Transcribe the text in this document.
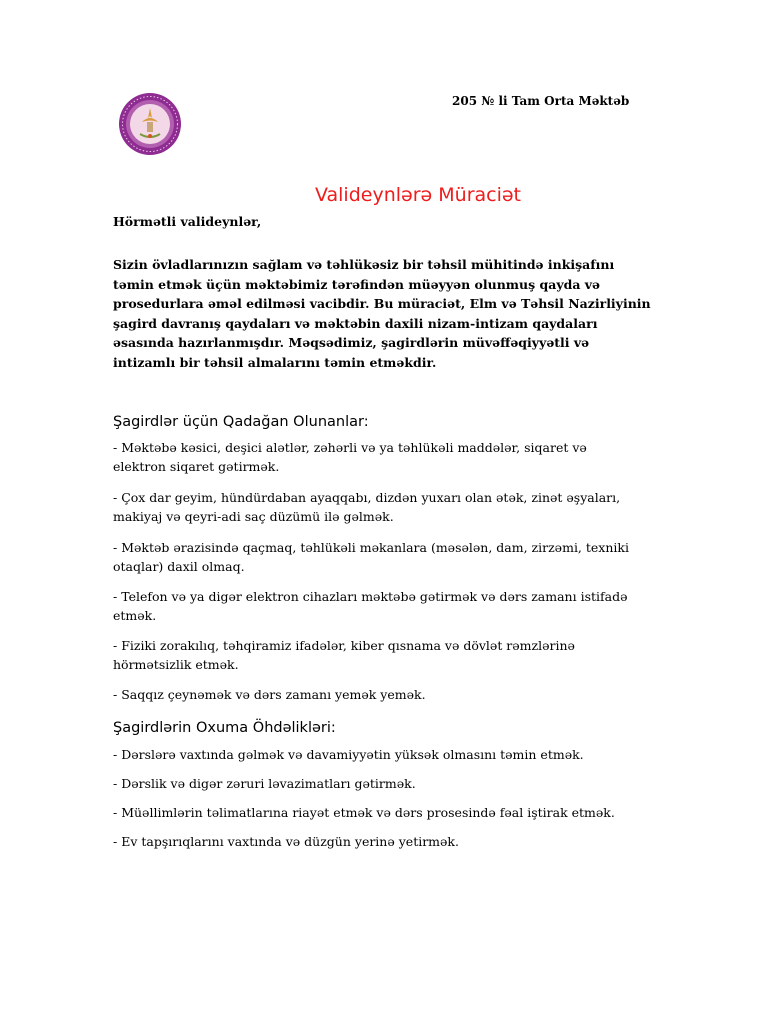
205 № li Tam Orta Məktəb
Valideynlərə Müraciət
Hörmətli valideynlər,
Sizin övladlarınızın sağlam və təhlükəsiz bir təhsil mühitində inkişafını
təmin etmək üçün məktəbimiz tərəfindən müəyyən olunmuş qayda və
prosedurlara əməl edilməsi vacibdir. Bu müraciət, Elm və Təhsil Nazirliyinin
şagird davranış qaydaları və məktəbin daxili nizam-intizam qaydaları
əsasında hazırlanmışdır. Məqsədimiz, şagirdlərin müvəffəqiyyətli və
intizamlı bir təhsil almalarını təmin etməkdir.
Şagirdlər üçün Qadağan Olunanlar:
- Məktəbə kəsici, deşici alətlər, zəhərli və ya təhlükəli maddələr, siqaret və
elektron siqaret gətirmək.
- Çox dar geyim, hündürdaban ayaqqabı, dizdən yuxarı olan ətək, zinət əşyaları,
makiyaj və qeyri-adi saç düzümü ilə gəlmək.
- Məktəb ərazisində qaçmaq, təhlükəli məkanlara (məsələn, dam, zirzəmi, texniki
otaqlar) daxil olmaq.
- Telefon və ya digər elektron cihazları məktəbə gətirmək və dərs zamanı istifadə
etmək.
- Fiziki zorakılıq, təhqiramiz ifadələr, kiber qısnama və dövlət rəmzlərinə
hörmətsizlik etmək.
- Saqqız çeynəmək və dərs zamanı yemək yemək.
Şagirdlərin Oxuma Öhdəlikləri:
- Dərslərə vaxtında gəlmək və davamiyyətin yüksək olmasını təmin etmək.
- Dərslik və digər zəruri ləvazimatları gətirmək.
- Müəllimlərin təlimatlarına riayət etmək və dərs prosesində fəal iştirak etmək.
- Ev tapşırıqlarını vaxtında və düzgün yerinə yetirmək.
